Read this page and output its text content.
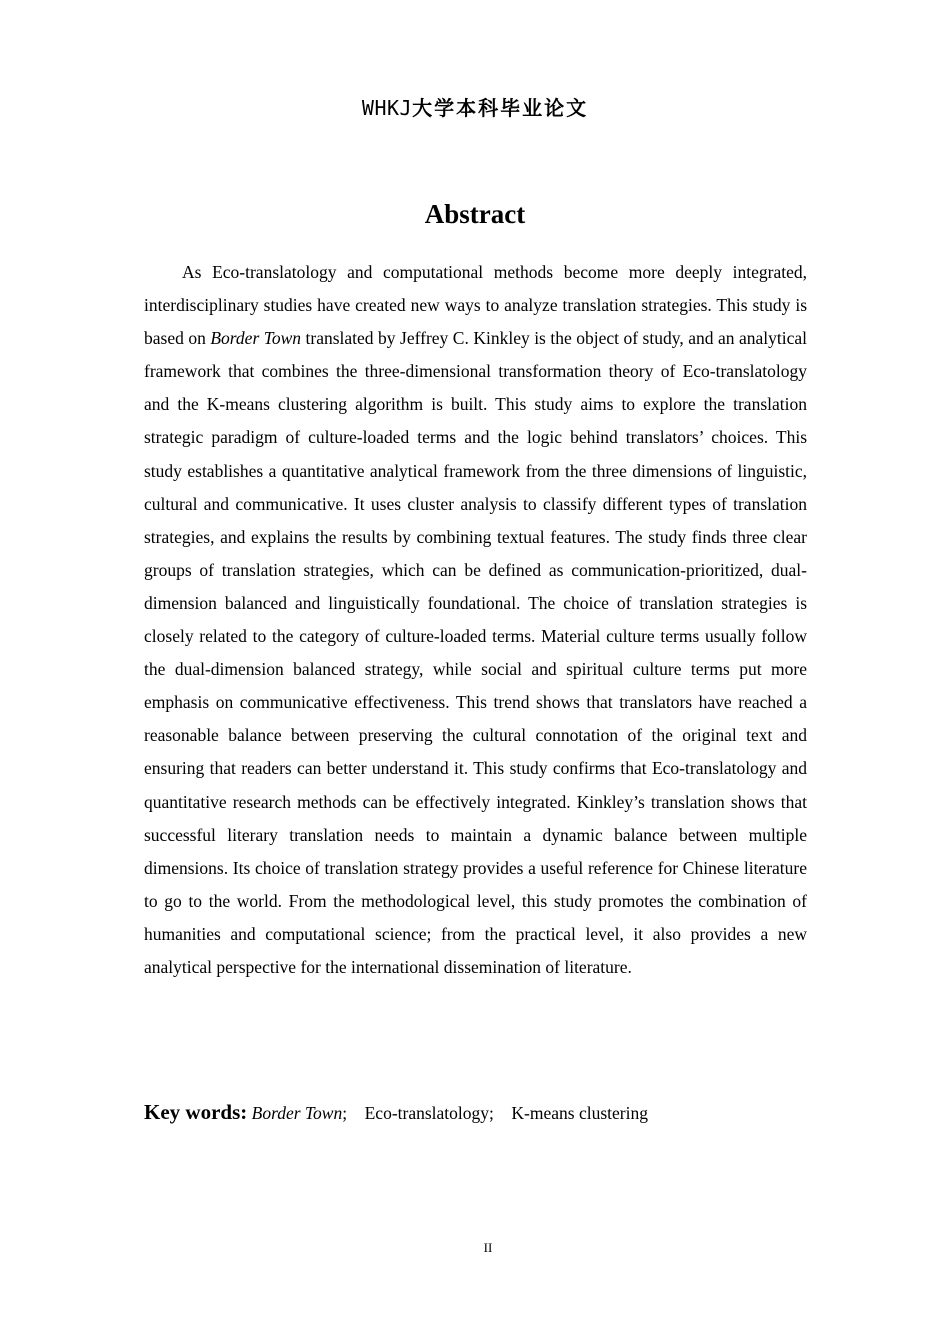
WHKJ大学本科毕业论文
Abstract

As Eco-translatology and computational methods become more deeply integrated, interdisciplinary studies have created new ways to analyze translation strategies. This study is based on Border Town translated by Jeffrey C. Kinkley is the object of study, and an analytical framework that combines the three-dimensional transformation theory of Eco-translatology and the K-means clustering algorithm is built. This study aims to explore the translation strategic paradigm of culture-loaded terms and the logic behind translators’ choices. This study establishes a quantitative analytical framework from the three dimensions of linguistic, cultural and communicative. It uses cluster analysis to classify different types of translation strategies, and explains the results by combining textual features. The study finds three clear groups of translation strategies, which can be defined as communication-prioritized, dual-dimension balanced and linguistically foundational. The choice of translation strategies is closely related to the category of culture-loaded terms. Material culture terms usually follow the dual-dimension balanced strategy, while social and spiritual culture terms put more emphasis on communicative effectiveness. This trend shows that translators have reached a reasonable balance between preserving the cultural connotation of the original text and ensuring that readers can better understand it. This study confirms that Eco-translatology and quantitative research methods can be effectively integrated. Kinkley’s translation shows that successful literary translation needs to maintain a dynamic balance between multiple dimensions. Its choice of translation strategy provides a useful reference for Chinese literature to go to the world. From the methodological level, this study promotes the combination of humanities and computational science; from the practical level, it also provides a new analytical perspective for the international dissemination of literature.

Key words: Border Town; Eco-translatology; K-means clustering
II
